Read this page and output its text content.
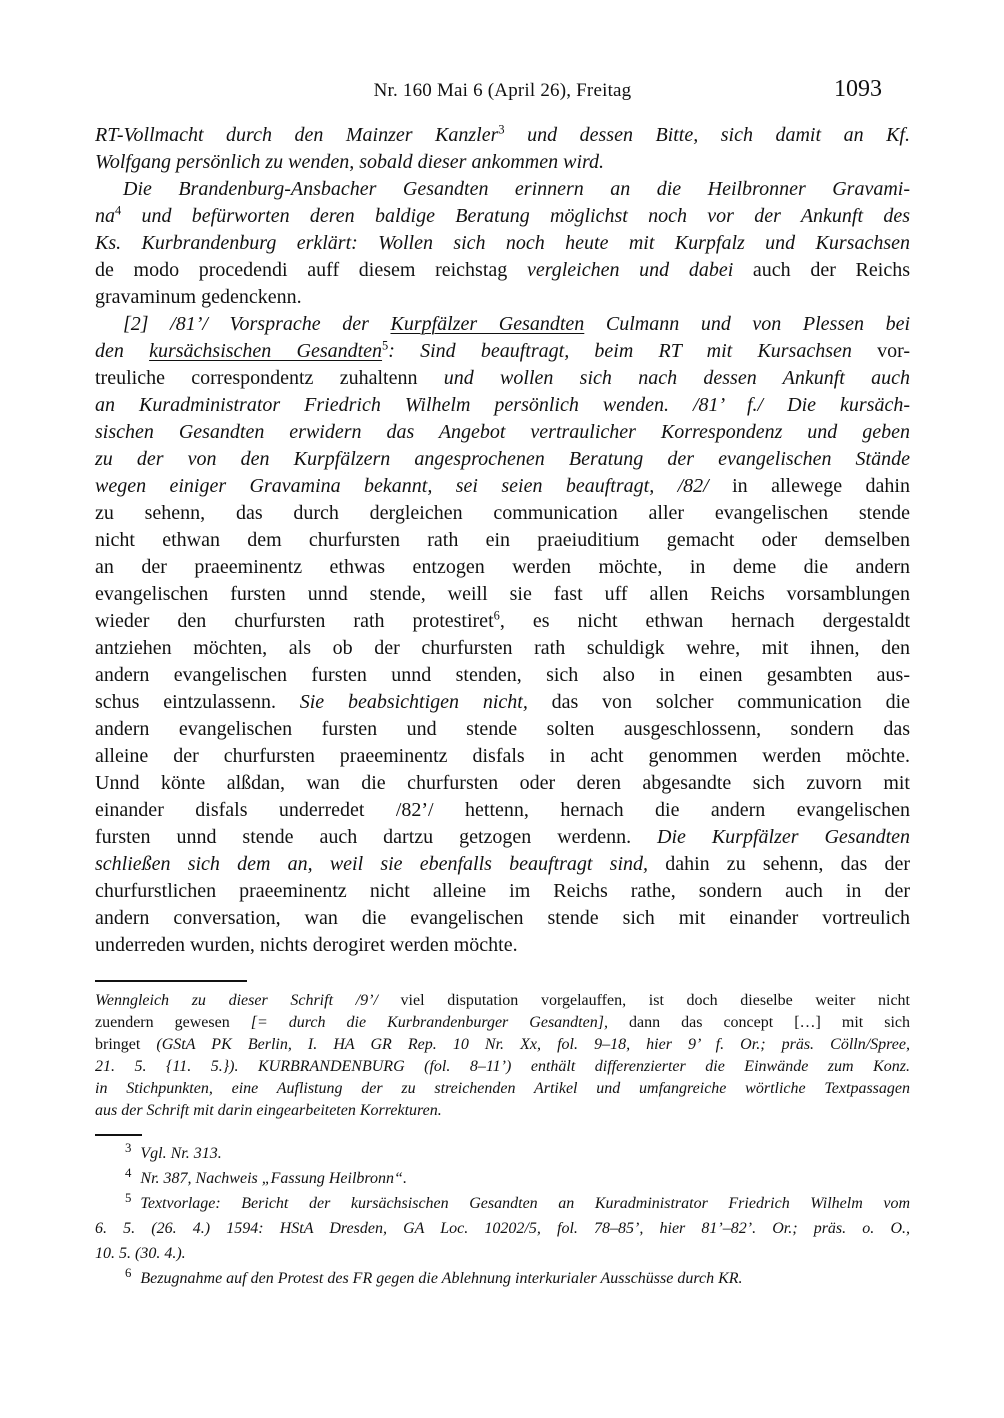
Nr. 160 Mai 6 (April 26), Freitag	1093
RT-Vollmacht durch den Mainzer Kanzler$^3$ und dessen Bitte, sich damit an Kf.
Wolfgang persönlich zu wenden, sobald dieser ankommen wird.
Die Brandenburg-Ansbacher Gesandten erinnern an die Heilbronner Gravami-
na$^4$ und befürworten deren baldige Beratung möglichst noch vor der Ankunft des
Ks. Kurbrandenburg erklärt: Wollen sich noch heute mit Kurpfalz und Kursachsen
de modo procedendi auff diesem reichstag vergleichen und dabei auch der Reichs
gravaminum gedenckenn.
[2] /81’/ Vorsprache der Kurpfälzer Gesandten Culmann und von Plessen bei
den kursächsischen Gesandten$^5$: Sind beauftragt, beim RT mit Kursachsen vor-
treuliche correspondentz zuhaltenn und wollen sich nach dessen Ankunft auch
an Kuradministrator Friedrich Wilhelm persönlich wenden. /81’ f./ Die kursäch-
sischen Gesandten erwidern das Angebot vertraulicher Korrespondenz und geben
zu der von den Kurpfälzern angesprochenen Beratung der evangelischen Stände
wegen einiger Gravamina bekannt, sei seien beauftragt, /82/ in allewege dahin
zu sehenn, das durch dergleichen communication aller evangelischen stende
nicht ethwan dem churfursten rath ein praeiuditium gemacht oder demselben
an der praeeminentz ethwas entzogen werden möchte, in deme die andern
evangelischen fursten unnd stende, weill sie fast uff allen Reichs vorsamblungen
wieder den churfursten rath protestiret$^6$, es nicht ethwan hernach dergestaldt
antziehen möchten, als ob der churfursten rath schuldigk wehre, mit ihnen, den
andern evangelischen fursten unnd stenden, sich also in einen gesambten aus-
schus eintzulassenn. Sie beabsichtigen nicht, das von solcher communication die
andern evangelischen fursten und stende solten ausgeschlossenn, sondern das
alleine der churfursten praeeminentz disfals in acht genommen werden möchte.
Unnd könte alßdan, wan die churfursten oder deren abgesandte sich zuvorn mit
einander disfals underredet /82’/ hettenn, hernach die andern evangelischen
fursten unnd stende auch dartzu getzogen werdenn. Die Kurpfälzer Gesandten
schließen sich dem an, weil sie ebenfalls beauftragt sind, dahin zu sehenn, das der
churfurstlichen praeeminentz nicht alleine im Reichs rathe, sondern auch in der
andern conversation, wan die evangelischen stende sich mit einander vortreulich
underreden wurden, nichts derogiret werden möchte.
Wenngleich zu dieser Schrift /9’/ viel disputation vorgelauffen, ist doch dieselbe weiter nicht
zuendern gewesen [= durch die Kurbrandenburger Gesandten], dann das concept […] mit sich
bringet (GStA PK Berlin, I. HA GR Rep. 10 Nr. Xx, fol. 9–18, hier 9’ f. Or.; präs. Cölln/Spree,
21. 5. {11. 5.}). KURBRANDENBURG (fol. 8–11’) enthält differenzierter die Einwände zum Konz.
in Stichpunkten, eine Auflistung der zu streichenden Artikel und umfangreiche wörtliche Textpassagen
aus der Schrift mit darin eingearbeiteten Korrekturen.
$^3$ Vgl. Nr. 313.
$^4$ Nr. 387, Nachweis „Fassung Heilbronn“.
$^5$ Textvorlage: Bericht der kursächsischen Gesandten an Kuradministrator Friedrich Wilhelm vom
6. 5. (26. 4.) 1594: HStA Dresden, GA Loc. 10202/5, fol. 78–85’, hier 81’–82’. Or.; präs. o. O.,
10. 5. (30. 4.).
$^6$ Bezugnahme auf den Protest des FR gegen die Ablehnung interkurialer Ausschüsse durch KR.
